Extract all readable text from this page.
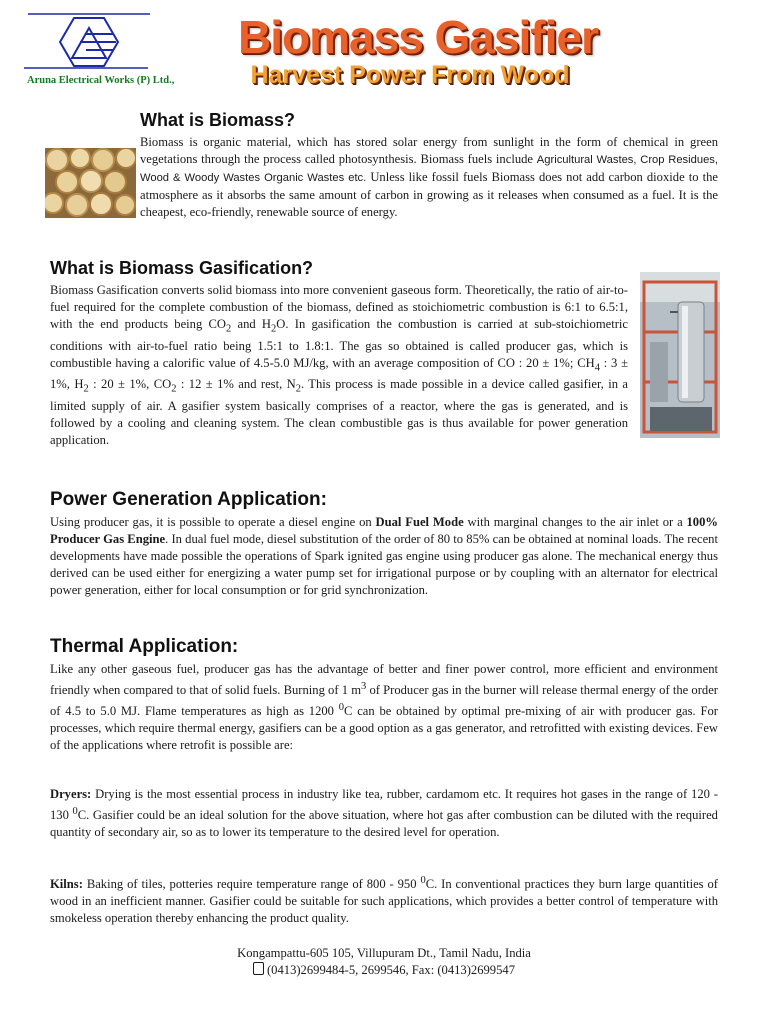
Aruna Electrical Works (P) Ltd.,
Biomass Gasifier
Harvest Power From Wood
What is Biomass?

Biomass is organic material, which has stored solar energy from sunlight in the form of chemical in green vegetations through the process called photosynthesis. Biomass fuels include Agricultural Wastes, Crop Residues, Wood & Woody Wastes Organic Wastes etc. Unless like fossil fuels Biomass does not add carbon dioxide to the atmosphere as it absorbs the same amount of carbon in growing as it releases when consumed as a fuel. It is the cheapest, eco-friendly, renewable source of energy.

What is Biomass Gasification?

Biomass Gasification converts solid biomass into more convenient gaseous form. Theoretically, the ratio of air-to-fuel required for the complete combustion of the biomass, defined as stoichiometric combustion is 6:1 to 6.5:1, with the end products being $CO_2$ and $H_2O$. In gasification the combustion is carried at sub-stoichiometric conditions with air-to-fuel ratio being 1.5:1 to 1.8:1. The gas so obtained is called producer gas, which is combustible having a calorific value of 4.5-5.0 MJ/kg, with an average composition of CO : 20 ± 1%; $CH_4$ : 3 ± 1%, $H_2$ : 20 ± 1%, $CO_2$ : 12 ± 1% and rest, $N_2$. This process is made possible in a device called gasifier, in a limited supply of air. A gasifier system basically comprises of a reactor, where the gas is generated, and is followed by a cooling and cleaning system. The clean combustible gas is thus available for power generation application.

Power Generation Application:

Using producer gas, it is possible to operate a diesel engine on Dual Fuel Mode with marginal changes to the air inlet or a 100% Producer Gas Engine. In dual fuel mode, diesel substitution of the order of 80 to 85% can be obtained at nominal loads. The recent developments have made possible the operations of Spark ignited gas engine using producer gas alone. The mechanical energy thus derived can be used either for energizing a water pump set for irrigational purpose or by coupling with an alternator for electrical power generation, either for local consumption or for grid synchronization.

Thermal Application:

Like any other gaseous fuel, producer gas has the advantage of better and finer power control, more efficient and environment friendly when compared to that of solid fuels. Burning of 1 $m^3$ of Producer gas in the burner will release thermal energy of the order of 4.5 to 5.0 MJ. Flame temperatures as high as 1200 $^0$C can be obtained by optimal pre-mixing of air with producer gas. For processes, which require thermal energy, gasifiers can be a good option as a gas generator, and retrofitted with existing devices. Few of the applications where retrofit is possible are:

Dryers: Drying is the most essential process in industry like tea, rubber, cardamom etc. It requires hot gases in the range of 120 - 130 $^0$C. Gasifier could be an ideal solution for the above situation, where hot gas after combustion can be diluted with the required quantity of secondary air, so as to lower its temperature to the desired level for operation.

Kilns: Baking of tiles, potteries require temperature range of 800 - 950 $^0$C. In conventional practices they burn large quantities of wood in an inefficient manner. Gasifier could be suitable for such applications, which provides a better control of temperature with smokeless operation thereby enhancing the product quality.

Kongampattu-605 105, Villupuram Dt., Tamil Nadu, India
(0413)2699484-5, 2699546, Fax: (0413)2699547
